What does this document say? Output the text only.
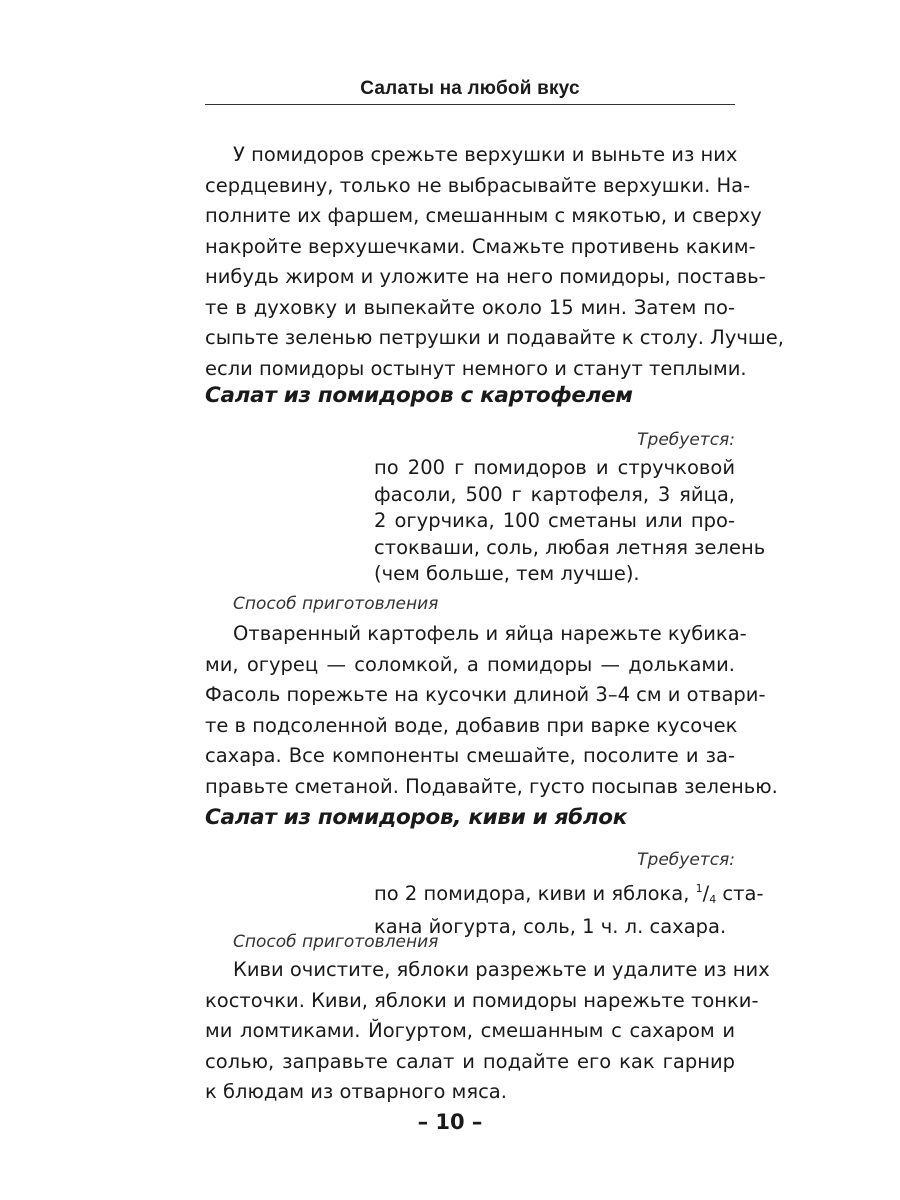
Салаты на любой вкус
У помидоров срежьте верхушки и выньте из них
сердцевину, только не выбрасывайте верхушки. На-
полните их фаршем, смешанным с мякотью, и сверху
накройте верхушечками. Смажьте противень каким-
нибудь жиром и уложите на него помидоры, поставь-
те в духовку и выпекайте около 15 мин. Затем по-
сыпьте зеленью петрушки и подавайте к столу. Лучше,
если помидоры остынут немного и станут теплыми.
Салат из помидоров с картофелем
Требуется:
по 200 г помидоров и стручковой
фасоли, 500 г картофеля, 3 яйца,
2 огурчика, 100 сметаны или про-
стокваши, соль, любая летняя зелень
(чем больше, тем лучше).
Способ приготовления
Отваренный картофель и яйца нарежьте кубика-
ми, огурец — соломкой, а помидоры — дольками.
Фасоль порежьте на кусочки длиной 3–4 см и отвари-
те в подсоленной воде, добавив при варке кусочек
сахара. Все компоненты смешайте, посолите и за-
правьте сметаной. Подавайте, густо посыпав зеленью.
Салат из помидоров, киви и яблок
Требуется:
по 2 помидора, киви и яблока, $^1/_4$ ста-
кана йогурта, соль, 1 ч. л. сахара.
Способ приготовления
Киви очистите, яблоки разрежьте и удалите из них
косточки. Киви, яблоки и помидоры нарежьте тонки-
ми ломтиками. Йогуртом, смешанным с сахаром и
солью, заправьте салат и подайте его как гарнир
к блюдам из отварного мяса.
– 10 –
